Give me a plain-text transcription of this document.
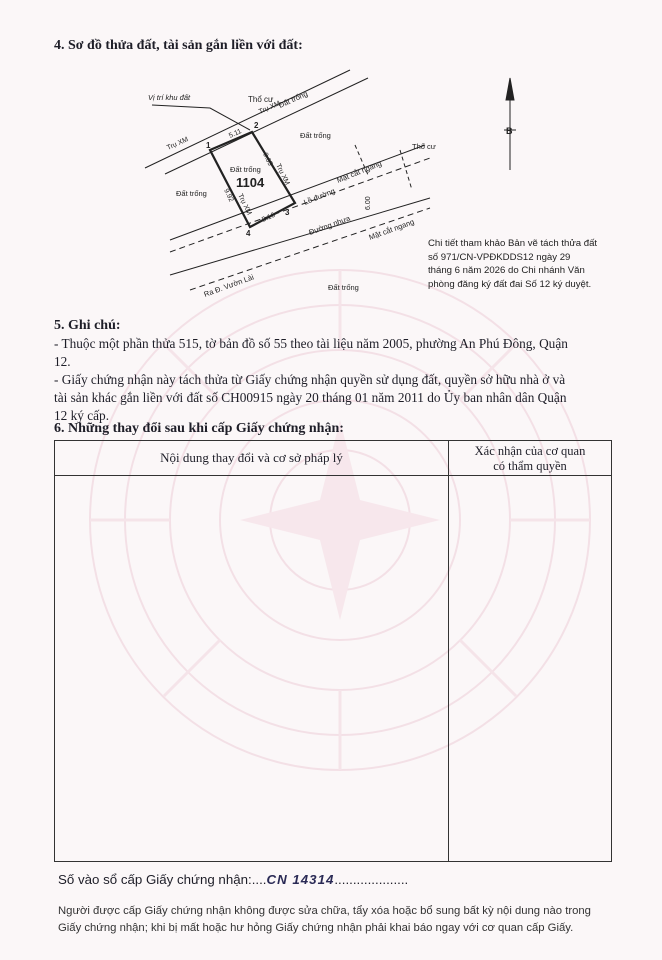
4. Sơ đồ thửa đất, tài sản gắn liền với đất:
Thổ cư
Vị trí khu đất
Trụ XM
Đất trống
Trụ XM
Đất trống
Thổ cư
Đất trống
1104
Đất trống
5.11
5.16
9.92
9.65
Trụ XM
Trụ XM
1
2
3
4
Lề đường
Mặt cắt ngang
6.00
Đường nhựa Mặt cắt ngang
Ra Đ. Vườn Lài	Đất trống
B
Chi tiết tham khảo Bản vẽ tách thửa đất
số 971/CN-VPĐKDDS12 ngày 29
tháng 6 năm 2026 do Chi nhánh Văn
phòng đăng ký đất đai Số 12 ký duyệt.
5. Ghi chú:
- Thuộc một phần thửa 515, tờ bản đồ số 55 theo tài liệu năm 2005, phường An Phú Đông, Quận
12.
- Giấy chứng nhận này tách thửa từ Giấy chứng nhận quyền sử dụng đất, quyền sở hữu nhà ở và
tài sản khác gắn liền với đất số CH00915 ngày 20 tháng 01 năm 2011 do Ủy ban nhân dân Quận
12 ký cấp.
6. Những thay đổi sau khi cấp Giấy chứng nhận:
Nội dung thay đổi và cơ sở pháp lý	Xác nhận của cơ quan
có thẩm quyền
Số vào sổ cấp Giấy chứng nhận:....CN 14314....................
Người được cấp Giấy chứng nhận không được sửa chữa, tẩy xóa hoặc bổ sung bất kỳ nội dung nào trong
Giấy chứng nhận; khi bị mất hoặc hư hỏng Giấy chứng nhận phải khai báo ngay với cơ quan cấp Giấy.
